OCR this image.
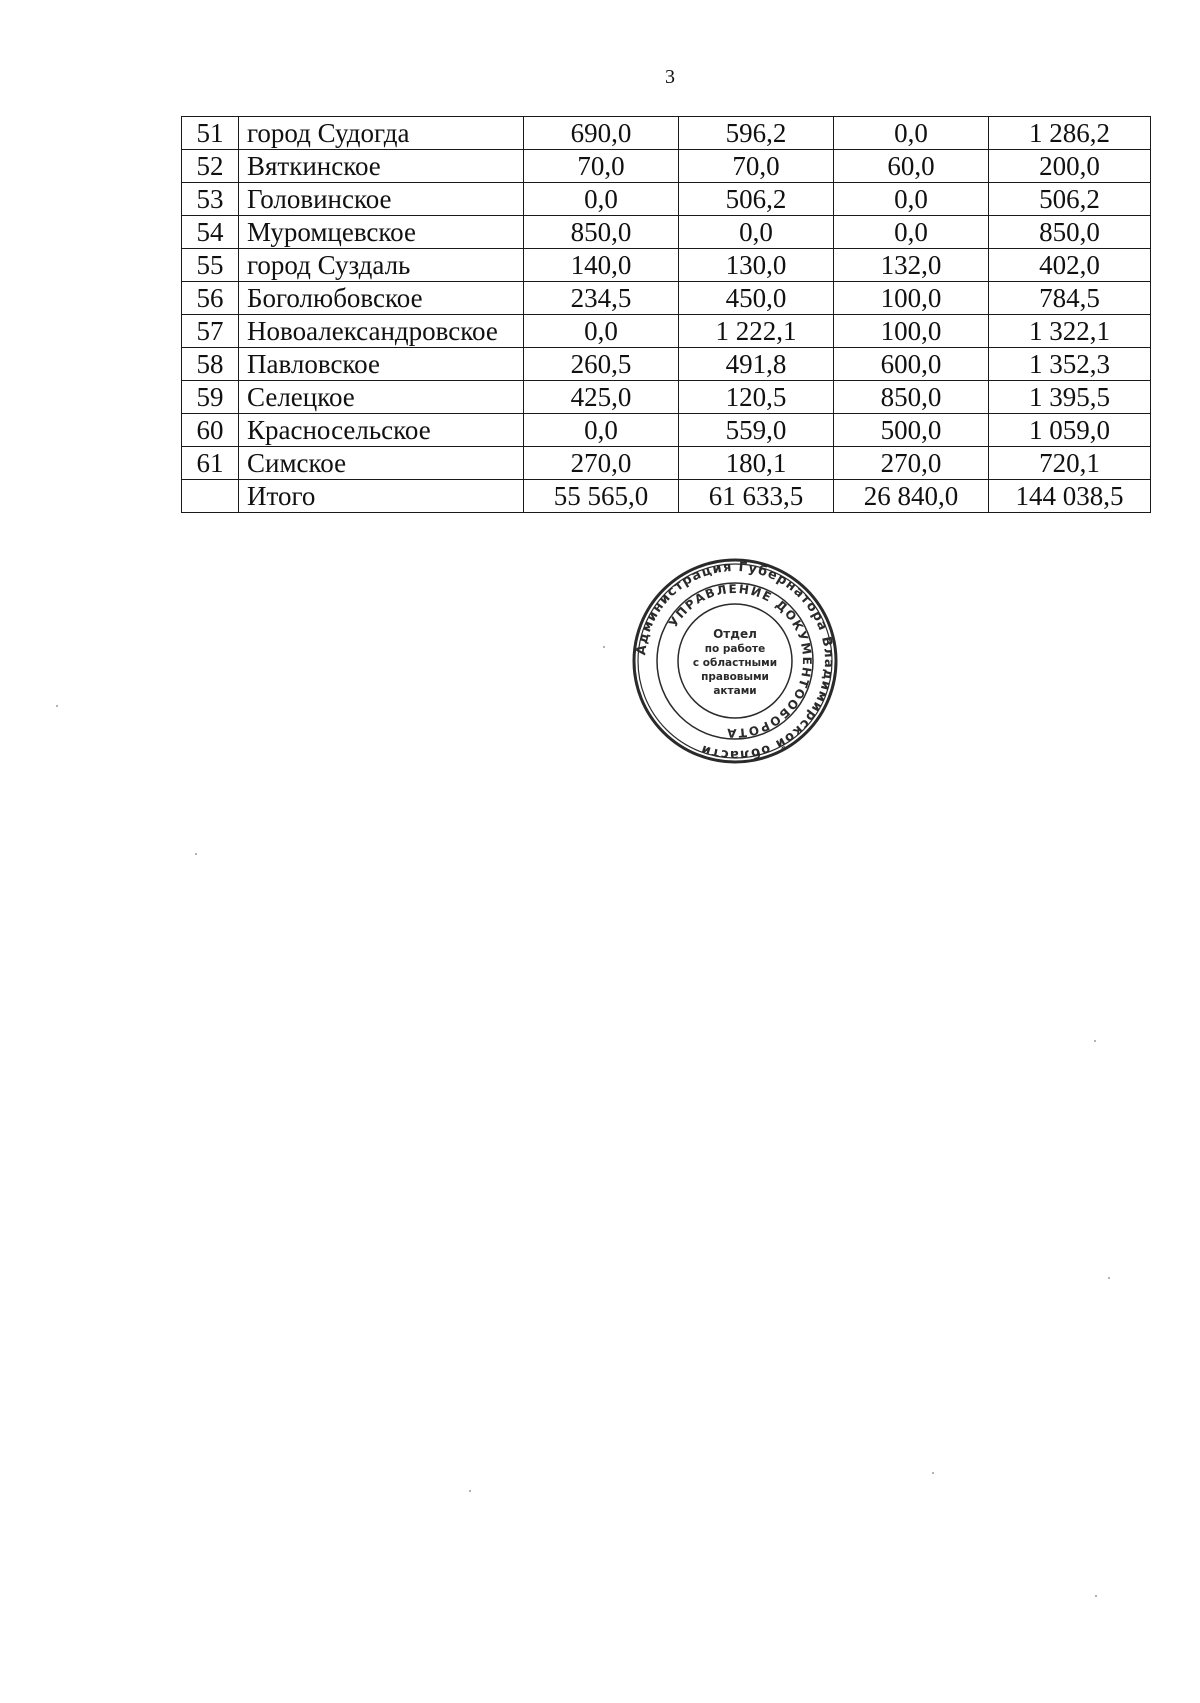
3
51	город Судогда	690,0	596,2	0,0	1 286,2
52	Вяткинское	70,0	70,0	60,0	200,0
53	Головинское	0,0	506,2	0,0	506,2
54	Муромцевское	850,0	0,0	0,0	850,0
55	город Суздаль	140,0	130,0	132,0	402,0
56	Боголюбовское	234,5	450,0	100,0	784,5
57	Новоалександровское	0,0	1 222,1	100,0	1 322,1
58	Павловское	260,5	491,8	600,0	1 352,3
59	Селецкое	425,0	120,5	850,0	1 395,5
60	Красносельское	0,0	559,0	500,0	1 059,0
61	Симское	270,0	180,1	270,0	720,1
	Итого	55 565,0	61 633,5	26 840,0	144 038,5
Администрация Губернатора Владимирской области
УПРАВЛЕНИЕ ДОКУМЕНТООБОРОТА
Отдел
по работе
с областными
правовыми
актами
